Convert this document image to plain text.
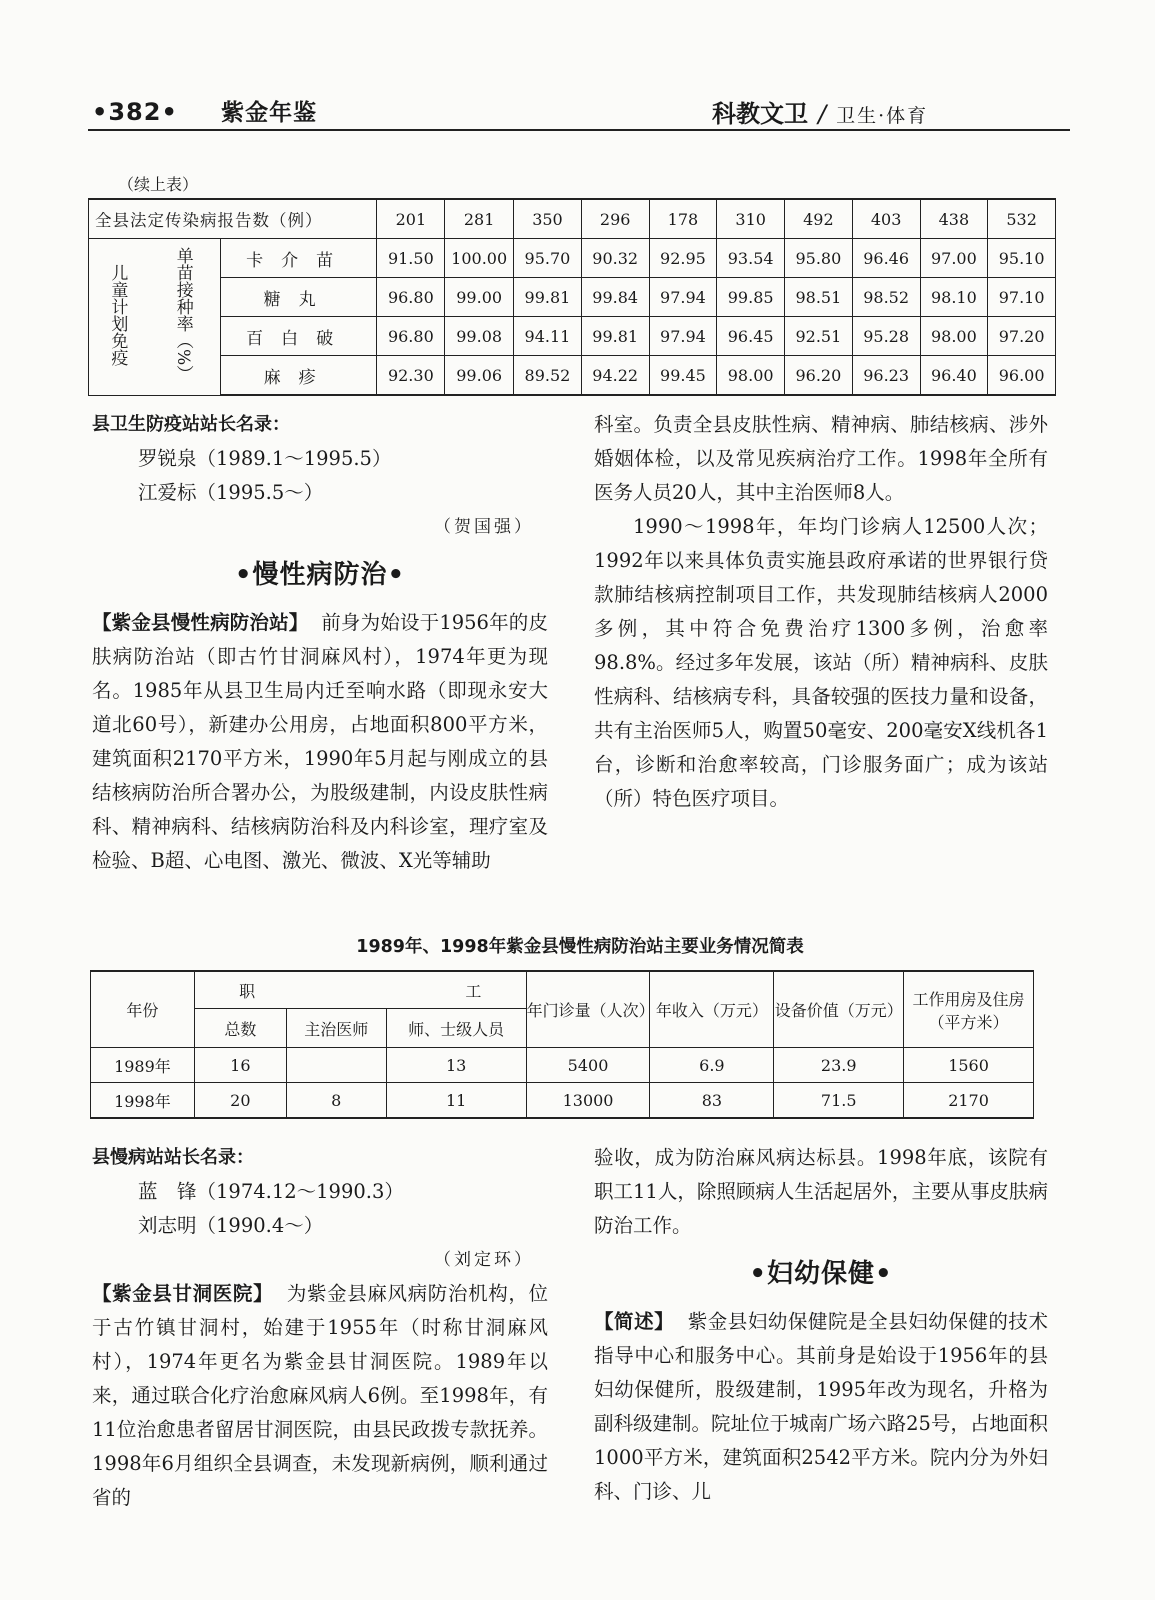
•382• 紫金年鉴	科教文卫 / 卫生·体育
（续上表）
全县法定传染病报告数（例）			201	281	350	296	178	310	492	403	438	532
儿童计划免疫	单苗接种率（%）	卡介苗	91.50	100.00	95.70	90.32	92.95	93.54	95.80	96.46	97.00	95.10
		糖丸	96.80	99.00	99.81	99.84	97.94	99.85	98.51	98.52	98.10	97.10
		百白破	96.80	99.08	94.11	99.81	97.94	96.45	92.51	95.28	98.00	97.20
		麻疹	92.30	99.06	89.52	94.22	99.45	98.00	96.20	96.23	96.40	96.00
县卫生防疫站站长名录：
罗锐泉（1989.1～1995.5）
江爱标（1995.5～）
（贺国强）
•慢性病防治•
【紫金县慢性病防治站】 前身为始设于1956年的皮肤病防治站（即古竹甘洞麻风村），1974年更为现名。1985年从县卫生局内迁至响水路（即现永安大道北60号），新建办公用房，占地面积800平方米，建筑面积2170平方米，1990年5月起与刚成立的县结核病防治所合署办公，为股级建制，内设皮肤性病科、精神病科、结核病防治科及内科诊室，理疗室及检验、B超、心电图、激光、微波、X光等辅助
科室。负责全县皮肤性病、精神病、肺结核病、涉外婚姻体检，以及常见疾病治疗工作。1998年全所有医务人员20人，其中主治医师8人。
1990～1998年，年均门诊病人12500人次；1992年以来具体负责实施县政府承诺的世界银行贷款肺结核病控制项目工作，共发现肺结核病人2000多例，其中符合免费治疗1300多例，治愈率98.8%。经过多年发展，该站（所）精神病科、皮肤性病科、结核病专科，具备较强的医技力量和设备，共有主治医师5人，购置50毫安、200毫安X线机各1台，诊断和治愈率较高，门诊服务面广；成为该站（所）特色医疗项目。
1989年、1998年紫金县慢性病防治站主要业务情况简表
年份	职 工			年门诊量（人次）	年收入（万元）	设备价值（万元）	工作用房及住房（平方米）
	总数	主治医师	师、士级人员				
1989年	16		13	5400	6.9	23.9	1560
1998年	20	8	11	13000	83	71.5	2170
县慢病站站长名录：
蓝　锋（1974.12～1990.3）
刘志明（1990.4～）
（刘定环）
【紫金县甘洞医院】 为紫金县麻风病防治机构，位于古竹镇甘洞村，始建于1955年（时称甘洞麻风村），1974年更名为紫金县甘洞医院。1989年以来，通过联合化疗治愈麻风病人6例。至1998年，有11位治愈患者留居甘洞医院，由县民政拨专款抚养。1998年6月组织全县调查，未发现新病例，顺利通过省的
验收，成为防治麻风病达标县。1998年底，该院有职工11人，除照顾病人生活起居外，主要从事皮肤病防治工作。
•妇幼保健•
【简述】 紫金县妇幼保健院是全县妇幼保健的技术指导中心和服务中心。其前身是始设于1956年的县妇幼保健所，股级建制，1995年改为现名，升格为副科级建制。院址位于城南广场六路25号，占地面积1000平方米，建筑面积2542平方米。院内分为外妇科、门诊、儿
